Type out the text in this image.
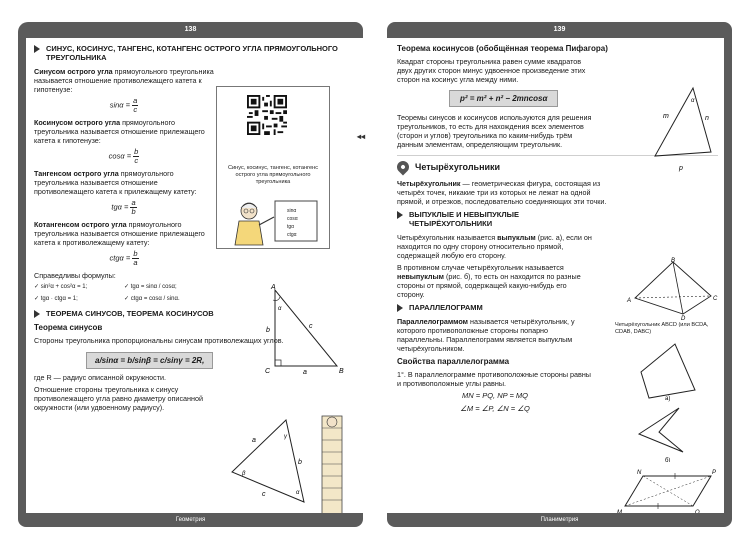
138
СИНУС, КОСИНУС, ТАНГЕНС, КОТАНГЕНС ОСТРОГО УГЛА ПРЯМОУГОЛЬНОГО ТРЕУГОЛЬНИКА

Синусом острого угла прямоугольного треугольника называется отношение противолежащего катета к гипотенузе:

$\sin\alpha = \frac{a}{c}$

Косинусом острого угла прямоугольного треугольника называется отношение прилежащего катета к гипотенузе:

$\cos\alpha = \frac{b}{c}$

Тангенсом острого угла прямоугольного треугольника называется отношение противолежащего катета к прилежащему катету:

$tg\alpha = \frac{a}{b}$

Котангенсом острого угла прямоугольного треугольника называется отношение прилежащего катета к противолежащему катету:

$ctg\alpha = \frac{b}{a}$

Справедливы формулы:

✓ sin²α + cos²α = 1;	✓ tgα = sinα / cosα;
✓ tgα · ctgα = 1;	✓ ctgα = cosα / sinα.
ТЕОРЕМА СИНУСОВ, ТЕОРЕМА КОСИНУСОВ
Теорема синусов

Стороны треугольника пропорциональны синусам противолежащих углов.

a/sinα = b/sinβ = c/sinγ = 2R,

где R — радиус описанной окружности.

Отношение стороны треугольника к синусу противолежащего угла равно диаметру описанной окружности (или удвоенному радиусу).

Синус, косинус, тангенс, котангенс острого угла прямоугольного треугольника
sinα
cosα
tgα
ctgα
◂◂
A
B
C	a
b
c
α
γ
β
α
a
b
c
Геометрия
139
Теорема косинусов (обобщённая теорема Пифагора)

Квадрат стороны треугольника равен сумме квадратов двух других сторон минус удвоенное произведение этих сторон на косинус угла между ними.

p² = m² + n² − 2mncosα

Теоремы синусов и косинусов используются для решения треугольников, то есть для нахождения всех элементов (сторон и углов) треугольника по каким-нибудь трём данным элементам, определяющим треугольник.

Четырёхугольники

Четырёхугольник — геометрическая фигура, состоящая из четырёх точек, никакие три из которых не лежат на одной прямой, и отрезков, последовательно соединяющих эти точки.

ВЫПУКЛЫЕ И НЕВЫПУКЛЫЕ ЧЕТЫРЁХУГОЛЬНИКИ

Четырёхугольник называется выпуклым (рис. а), если он находится по одну сторону относительно прямой, содержащей любую его сторону.

В противном случае четырёхугольник называется невыпуклым (рис. б), то есть он находится по разные стороны от прямой, содержащей какую-нибудь его сторону.

ПАРАЛЛЕЛОГРАММ

Параллелограммом называется четырёхугольник, у которого противоположные стороны попарно параллельны. Параллелограмм является выпуклым четырёхугольником.

Свойства параллелограмма

1°. В параллелограмме противоположные стороны равны и противоположные углы равны.

MN = PQ, NP = MQ
∠M = ∠P, ∠N = ∠Q
α
m	n
p
B
A	C
D
Четырёхугольник ABCD (или BCDA, CDAB, DABC)
а)
б)
N	P
Планиметрия
